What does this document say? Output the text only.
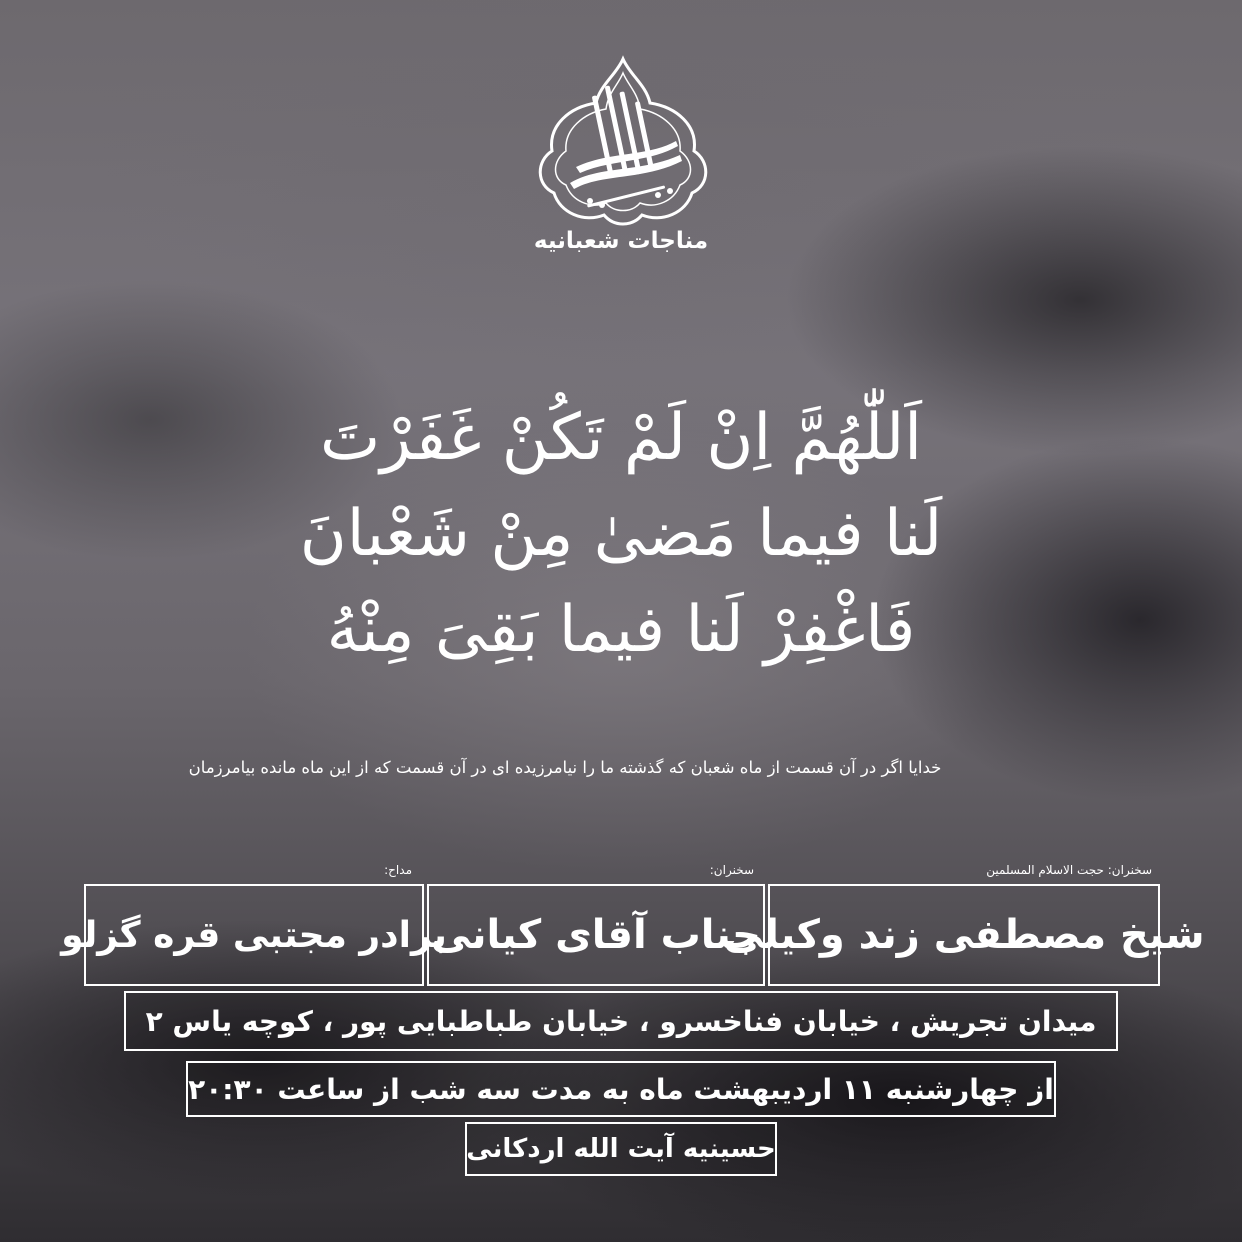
مناجات شعبانیه
اَللّٰهُمَّ اِنْ لَمْ تَكُنْ غَفَرْتَ
لَنا فيما مَضىٰ مِنْ شَعْبانَ
فَاغْفِرْ لَنا فيما بَقِىَ مِنْهُ
خدایا اگر در آن قسمت از ماه شعبان که گذشته ما را نیامرزیده ای در آن قسمت که از این ماه مانده بیامرزمان
سخنران: حجت الاسلام المسلمین
سخنران:
مداح:
شیخ مصطفی زند وکیلی
جناب آقای کیانی
برادر مجتبی قره گزلو
میدان تجریش ، خیابان فناخسرو ، خیابان طباطبایی پور ، کوچه یاس ۲
از چهارشنبه ۱۱ اردیبهشت ماه به مدت سه شب از ساعت ۲۰:۳۰
حسینیه آیت الله اردکانی
